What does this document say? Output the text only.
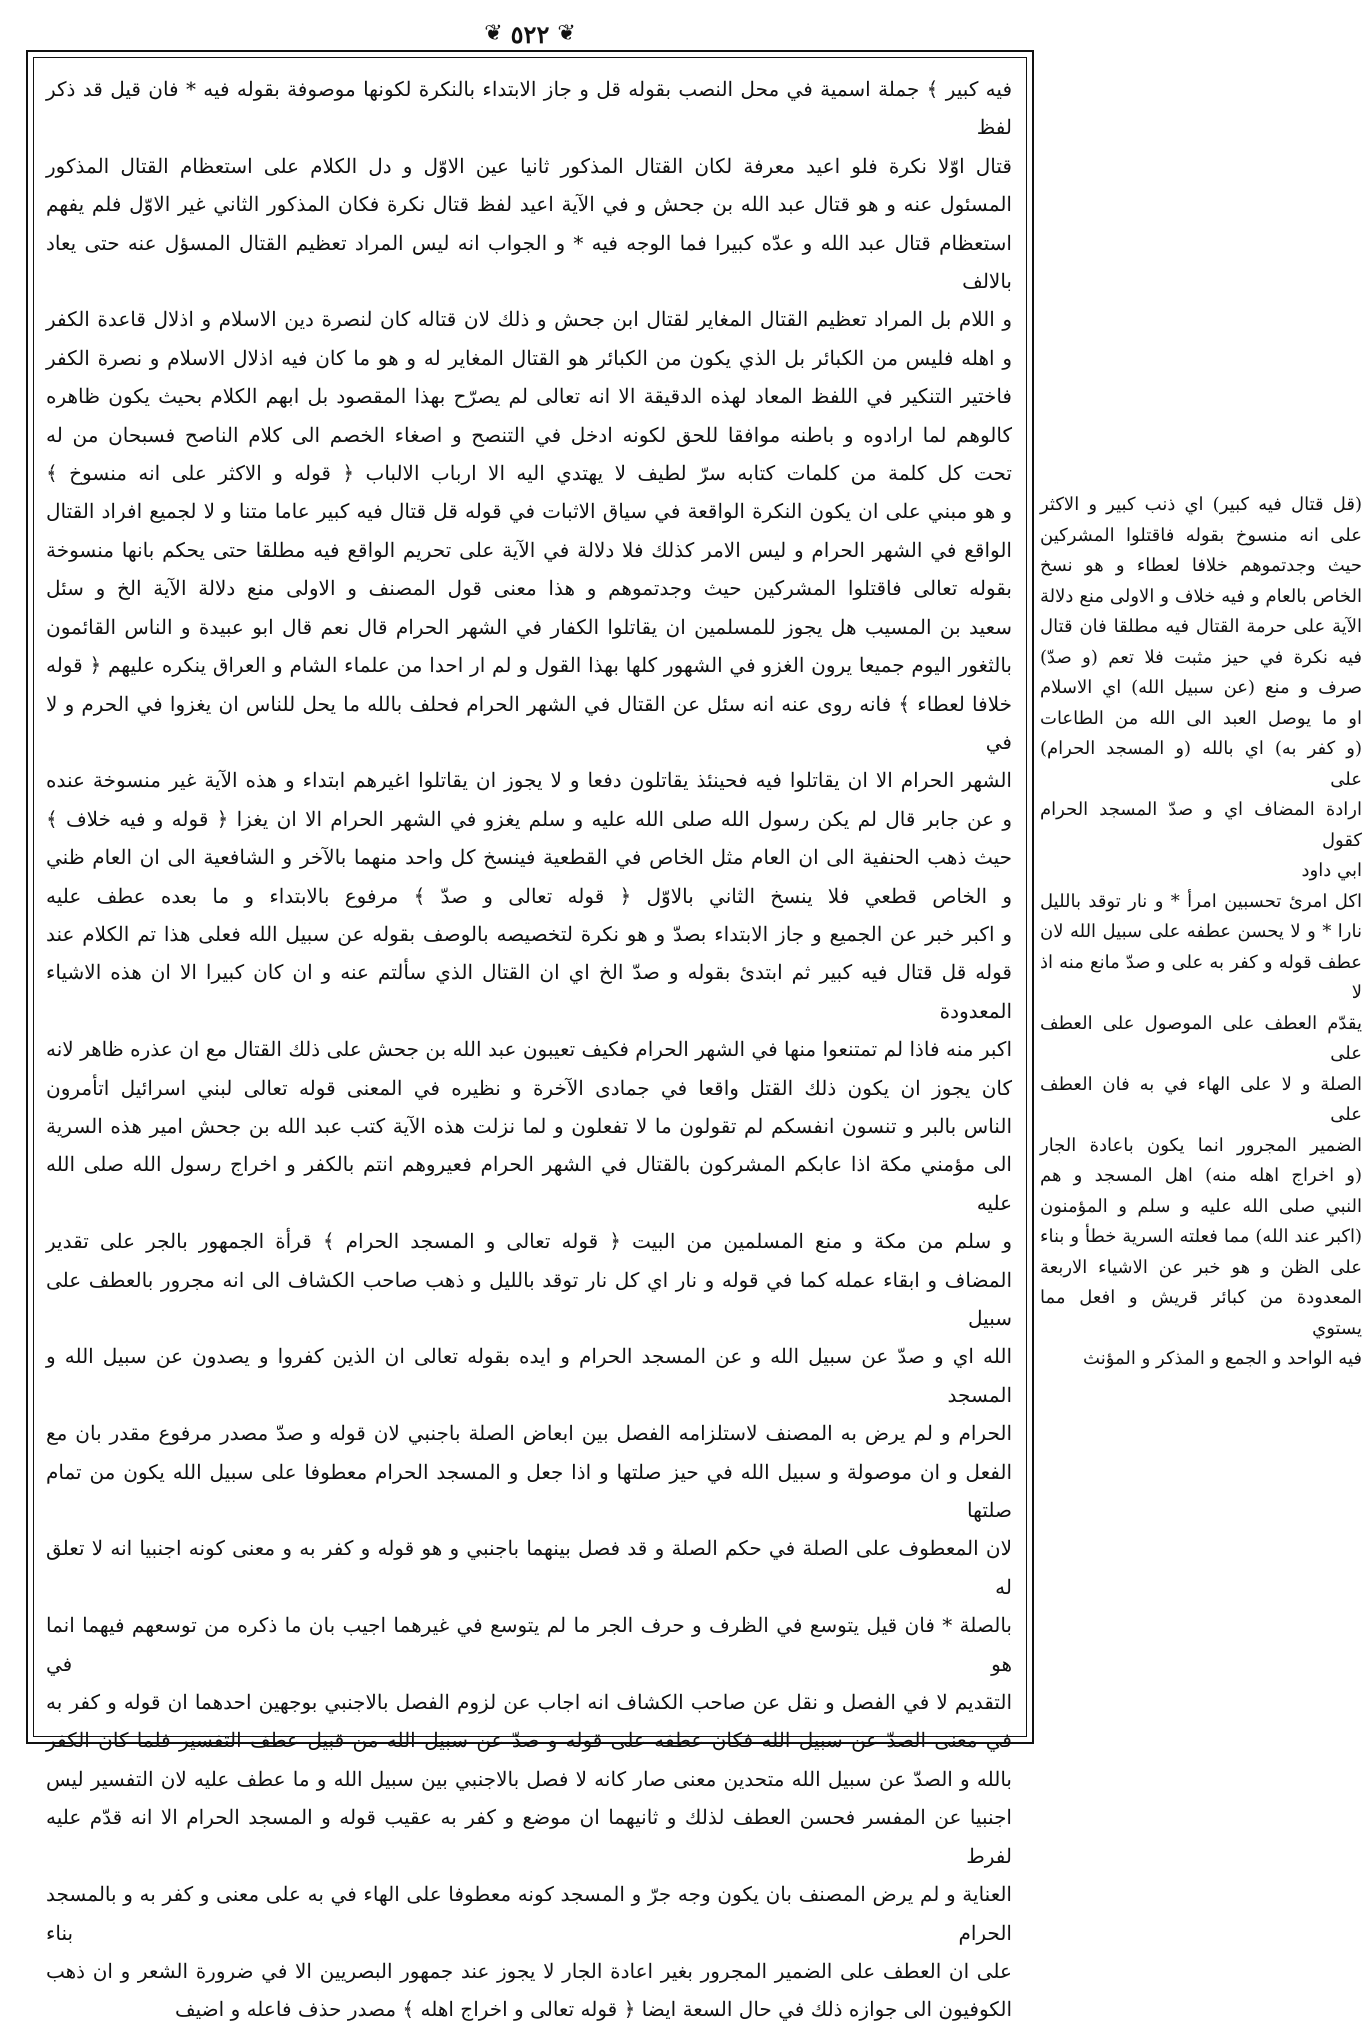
❦ ٥٢٢ ❦

فيه كبير ﴾ جملة اسمية في محل النصب بقوله قل و جاز الابتداء بالنكرة لكونها موصوفة بقوله فيه * فان قيل قد ذكر لفظ

قتال اوّلا نكرة فلو اعيد معرفة لكان القتال المذكور ثانيا عين الاوّل و دل الكلام على استعظام القتال المذكور

المسئول عنه و هو قتال عبد الله بن جحش و في الآية اعيد لفظ قتال نكرة فكان المذكور الثاني غير الاوّل فلم يفهم

استعظام قتال عبد الله و عدّه كبيرا فما الوجه فيه * و الجواب انه ليس المراد تعظيم القتال المسؤل عنه حتى يعاد بالالف

و اللام بل المراد تعظيم القتال المغاير لقتال ابن جحش و ذلك لان قتاله كان لنصرة دين الاسلام و اذلال قاعدة الكفر

و اهله فليس من الكبائر بل الذي يكون من الكبائر هو القتال المغاير له و هو ما كان فيه اذلال الاسلام و نصرة الكفر

فاختير التنكير في اللفظ المعاد لهذه الدقيقة الا انه تعالى لم يصرّح بهذا المقصود بل ابهم الكلام بحيث يكون ظاهره

كالوهم لما ارادوه و باطنه موافقا للحق لكونه ادخل في التنصح و اصغاء الخصم الى كلام الناصح فسبحان من له

تحت كل كلمة من كلمات كتابه سرّ لطيف لا يهتدي اليه الا ارباب الالباب ﴿ قوله و الاكثر على انه منسوخ ﴾

و هو مبني على ان يكون النكرة الواقعة في سياق الاثبات في قوله قل قتال فيه كبير عاما متنا و لا لجميع افراد القتال

الواقع في الشهر الحرام و ليس الامر كذلك فلا دلالة في الآية على تحريم الواقع فيه مطلقا حتى يحكم بانها منسوخة

بقوله تعالى فاقتلوا المشركين حيث وجدتموهم و هذا معنى قول المصنف و الاولى منع دلالة الآية الخ و سئل

سعيد بن المسيب هل يجوز للمسلمين ان يقاتلوا الكفار في الشهر الحرام قال نعم قال ابو عبيدة و الناس القائمون

بالثغور اليوم جميعا يرون الغزو في الشهور كلها بهذا القول و لم ار احدا من علماء الشام و العراق ينكره عليهم ﴿ قوله

خلافا لعطاء ﴾ فانه روى عنه انه سئل عن القتال في الشهر الحرام فحلف بالله ما يحل للناس ان يغزوا في الحرم و لا في

الشهر الحرام الا ان يقاتلوا فيه فحينئذ يقاتلون دفعا و لا يجوز ان يقاتلوا اغيرهم ابتداء و هذه الآية غير منسوخة عنده

و عن جابر قال لم يكن رسول الله صلى الله عليه و سلم يغزو في الشهر الحرام الا ان يغزا ﴿ قوله و فيه خلاف ﴾

حيث ذهب الحنفية الى ان العام مثل الخاص في القطعية فينسخ كل واحد منهما بالآخر و الشافعية الى ان العام ظني

و الخاص قطعي فلا ينسخ الثاني بالاوّل ﴿ قوله تعالى و صدّ ﴾ مرفوع بالابتداء و ما بعده عطف عليه

و اكبر خبر عن الجميع و جاز الابتداء بصدّ و هو نكرة لتخصيصه بالوصف بقوله عن سبيل الله فعلى هذا تم الكلام عند

قوله قل قتال فيه كبير ثم ابتدئ بقوله و صدّ الخ اي ان القتال الذي سألتم عنه و ان كان كبيرا الا ان هذه الاشياء المعدودة

اكبر منه فاذا لم تمتنعوا منها في الشهر الحرام فكيف تعيبون عبد الله بن جحش على ذلك القتال مع ان عذره ظاهر لانه

كان يجوز ان يكون ذلك القتل واقعا في جمادى الآخرة و نظيره في المعنى قوله تعالى لبني اسرائيل اتأمرون

الناس بالبر و تنسون انفسكم لم تقولون ما لا تفعلون و لما نزلت هذه الآية كتب عبد الله بن جحش امير هذه السرية

الى مؤمني مكة اذا عابكم المشركون بالقتال في الشهر الحرام فعيروهم انتم بالكفر و اخراج رسول الله صلى الله عليه

و سلم من مكة و منع المسلمين من البيت ﴿ قوله تعالى و المسجد الحرام ﴾ قرأة الجمهور بالجر على تقدير

المضاف و ابقاء عمله كما في قوله و نار اي كل نار توقد بالليل و ذهب صاحب الكشاف الى انه مجرور بالعطف على سبيل

الله اي و صدّ عن سبيل الله و عن المسجد الحرام و ايده بقوله تعالى ان الذين كفروا و يصدون عن سبيل الله و المسجد

الحرام و لم يرض به المصنف لاستلزامه الفصل بين ابعاض الصلة باجنبي لان قوله و صدّ مصدر مرفوع مقدر بان مع

الفعل و ان موصولة و سبيل الله في حيز صلتها و اذا جعل و المسجد الحرام معطوفا على سبيل الله يكون من تمام صلتها

لان المعطوف على الصلة في حكم الصلة و قد فصل بينهما باجنبي و هو قوله و كفر به و معنى كونه اجنبيا انه لا تعلق له

بالصلة * فان قيل يتوسع في الظرف و حرف الجر ما لم يتوسع في غيرهما اجيب بان ما ذكره من توسعهم فيهما انما هو في

التقديم لا في الفصل و نقل عن صاحب الكشاف انه اجاب عن لزوم الفصل بالاجنبي بوجهين احدهما ان قوله و كفر به

في معنى الصدّ عن سبيل الله فكان عطفه على قوله و صدّ عن سبيل الله من قبيل عطف التفسير فلما كان الكفر

بالله و الصدّ عن سبيل الله متحدين معنى صار كانه لا فصل بالاجنبي بين سبيل الله و ما عطف عليه لان التفسير ليس

اجنبيا عن المفسر فحسن العطف لذلك و ثانيهما ان موضع و كفر به عقيب قوله و المسجد الحرام الا انه قدّم عليه لفرط

العناية و لم يرض المصنف بان يكون وجه جرّ و المسجد كونه معطوفا على الهاء في به على معنى و كفر به و بالمسجد الحرام بناء

على ان العطف على الضمير المجرور بغير اعادة الجار لا يجوز عند جمهور البصريين الا في ضرورة الشعر و ان ذهب

الكوفيون الى جوازه ذلك في حال السعة ايضا ﴿ قوله تعالى و اخراج اهله ﴾ مصدر حذف فاعله و اضيف

(قل قتال فيه كبير) اي ذنب كبير و الاكثر

على انه منسوخ بقوله فاقتلوا المشركين

حيث وجدتموهم خلافا لعطاء و هو نسخ

الخاص بالعام و فيه خلاف و الاولى منع دلالة

الآية على حرمة القتال فيه مطلقا فان قتال

فيه نكرة في حيز مثبت فلا تعم (و صدّ)

صرف و منع (عن سبيل الله) اي الاسلام

او ما يوصل العبد الى الله من الطاعات

(و كفر به) اي بالله (و المسجد الحرام) على

ارادة المضاف اي و صدّ المسجد الحرام كقول

ابي داود

اكل امرئ تحسبين امرأ * و نار توقد بالليل

نارا * و لا يحسن عطفه على سبيل الله لان

عطف قوله و كفر به على و صدّ مانع منه اذ لا

يقدّم العطف على الموصول على العطف على

الصلة و لا على الهاء في به فان العطف على

الضمير المجرور انما يكون باعادة الجار

(و اخراج اهله منه) اهل المسجد و هم

النبي صلى الله عليه و سلم و المؤمنون

(اكبر عند الله) مما فعلته السرية خطأ و بناء

على الظن و هو خبر عن الاشياء الاربعة

المعدودة من كبائر قريش و افعل مما يستوي

فيه الواحد و الجمع و المذكر و المؤنث
